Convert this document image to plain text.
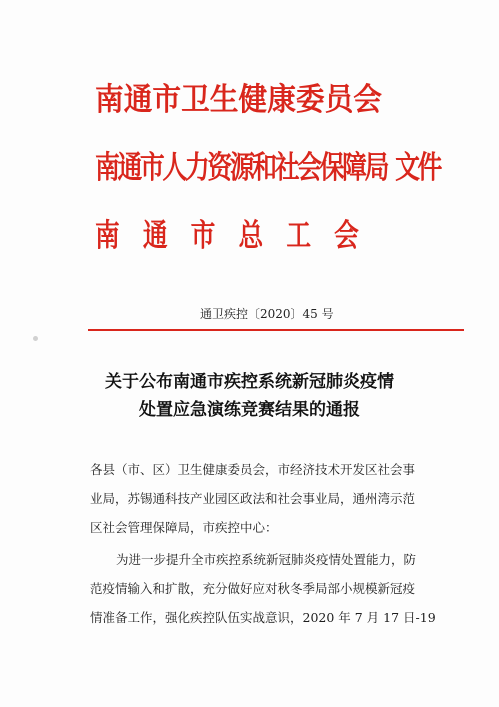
南通市卫生健康委员会
南通市人力资源和社会保障局 文件
南通市总工会
通卫疾控〔2020〕45 号
关于公布南通市疾控系统新冠肺炎疫情
处置应急演练竞赛结果的通报
各县（市、区）卫生健康委员会，市经济技术开发区社会事
业局，苏锡通科技产业园区政法和社会事业局，通州湾示范
区社会管理保障局，市疾控中心：
为进一步提升全市疾控系统新冠肺炎疫情处置能力，防
范疫情输入和扩散，充分做好应对秋冬季局部小规模新冠疫
情准备工作，强化疾控队伍实战意识，2020 年 7 月 17 日-19
